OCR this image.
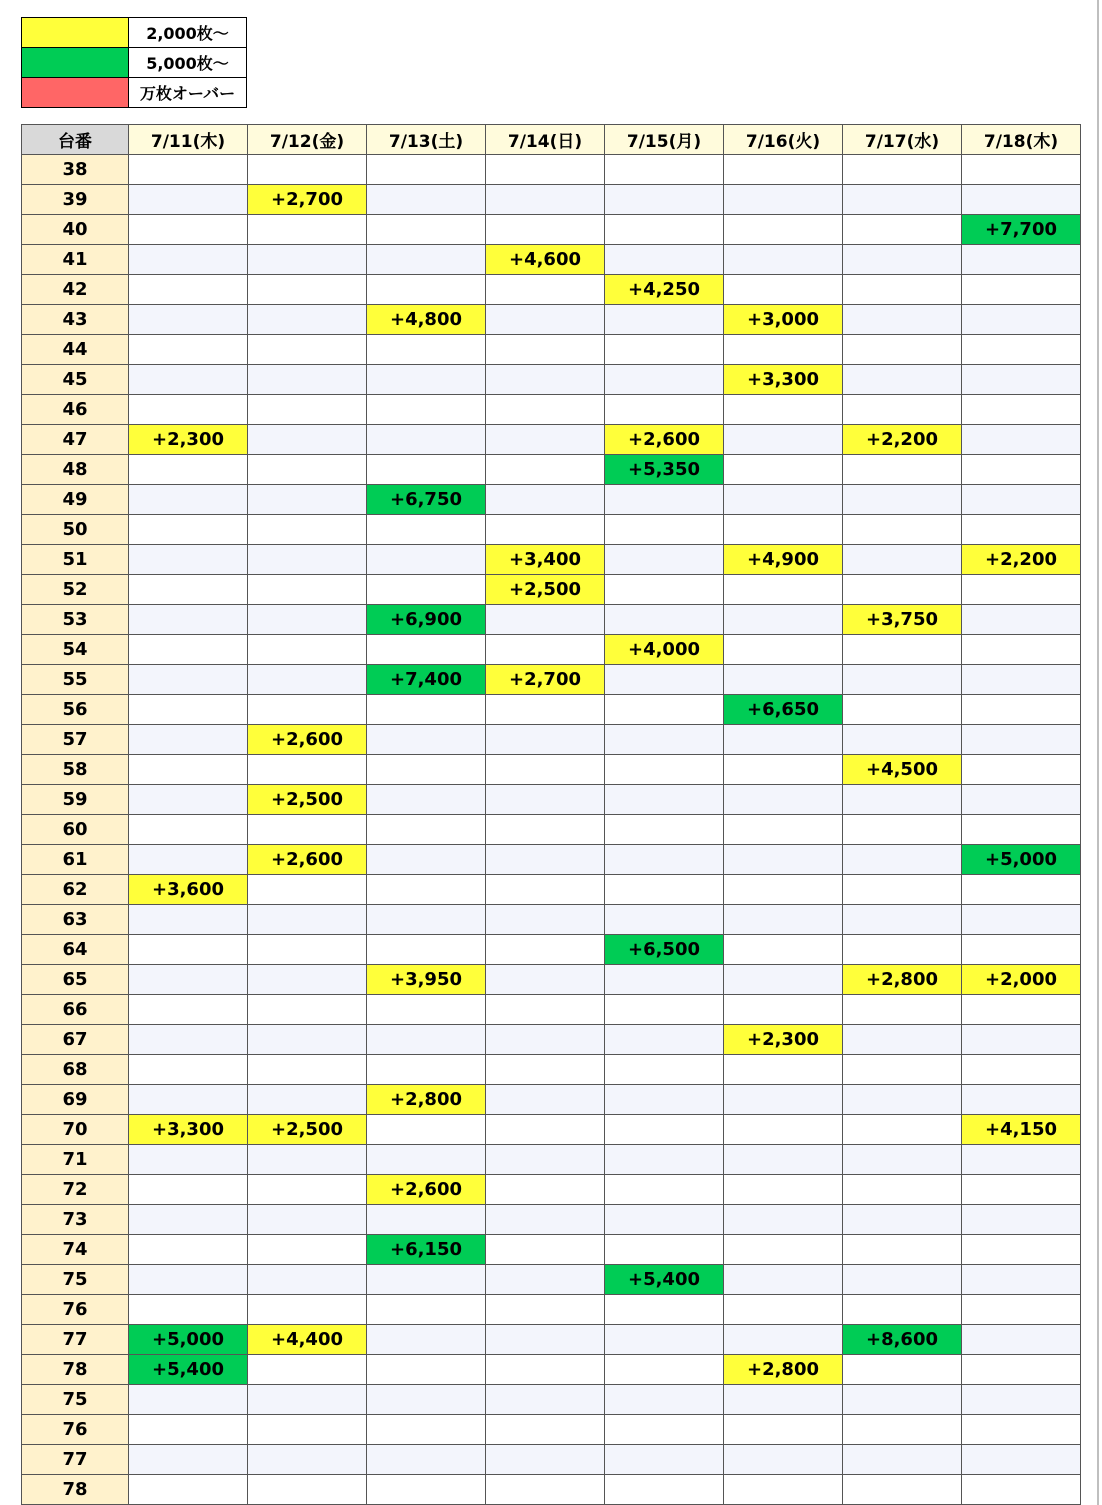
	2,000枚～
	5,000枚～
	万枚オーバー
台番	7/11(木)	7/12(金)	7/13(土)	7/14(日)	7/15(月)	7/16(火)	7/17(水)	7/18(木)
38								
39		+2,700						
40								+7,700
41				+4,600				
42					+4,250			
43			+4,800			+3,000		
44								
45						+3,300		
46								
47	+2,300				+2,600		+2,200	
48					+5,350			
49			+6,750					
50								
51				+3,400		+4,900		+2,200
52				+2,500				
53			+6,900				+3,750	
54					+4,000			
55			+7,400	+2,700				
56						+6,650		
57		+2,600						
58							+4,500	
59		+2,500						
60								
61		+2,600						+5,000
62	+3,600							
63								
64					+6,500			
65			+3,950				+2,800	+2,000
66								
67						+2,300		
68								
69			+2,800					
70	+3,300	+2,500						+4,150
71								
72			+2,600					
73								
74			+6,150					
75					+5,400			
76								
77	+5,000	+4,400					+8,600	
78	+5,400					+2,800		
75								
76								
77								
78								
